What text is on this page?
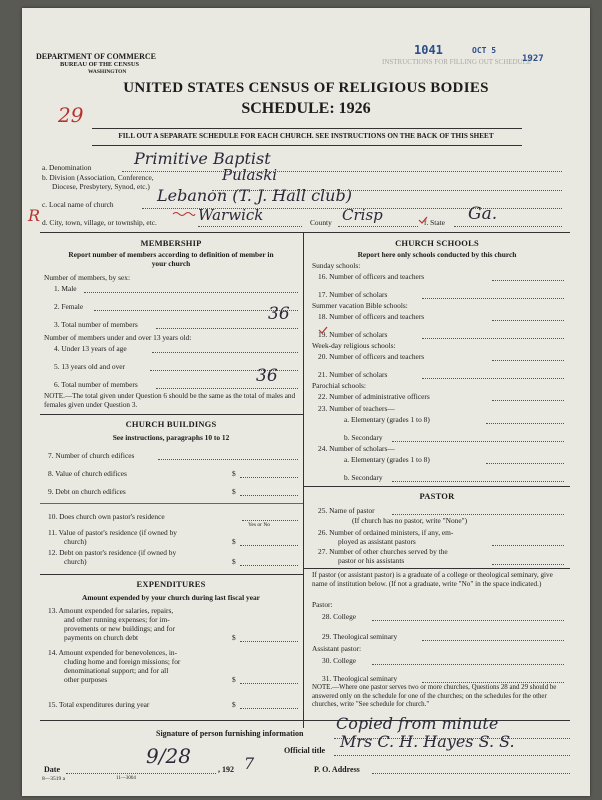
DEPARTMENT OF COMMERCE
BUREAU OF THE CENSUS
WASHINGTON
INSTRUCTIONS FOR FILLING OUT SCHEDULE
1041	OCT 5
1927
29
UNITED STATES CENSUS OF RELIGIOUS BODIES
SCHEDULE: 1926
FILL OUT A SEPARATE SCHEDULE FOR EACH CHURCH. SEE INSTRUCTIONS ON THE BACK OF THIS SHEET
a. Denomination	Primitive Baptist
b. Division (Association, Conference,
Diocese, Presbytery, Synod, etc.)
Pulaski
c. Local name of church	Lebanon (T. J. Hall club)
R d. City, town, village, or township, etc.	Warwick	County Crisp	f. State Ga.
MEMBERSHIP
Report number of members according to definition of member in your church
Number of members, by sex:
1. Male
2. Female
3. Total number of members
36
Number of members under and over 13 years old:
4. Under 13 years of age
5. 13 years old and over
6. Total number of members	36
NOTE.—The total given under Question 6 should be the same as the total of males and females given under Question 3.
CHURCH BUILDINGS
See instructions, paragraphs 10 to 12
7. Number of church edifices
8. Value of church edifices	$
9. Debt on church edifices	$
10. Does church own pastor's residence
Yes or No
11. Value of pastor's residence (if owned by
church)	$
12. Debt on pastor's residence (if owned by
church)	$
EXPENDITURES
Amount expended by your church during last fiscal year
13. Amount expended for salaries, repairs,
and other running expenses; for im-
provements or new buildings; and for
payments on church debt	$
14. Amount expended for benevolences, in-
cluding home and foreign missions; for
denominational support; and for all
other purposes	$
15. Total expenditures during year	$
CHURCH SCHOOLS
Report here only schools conducted by this church
Sunday schools:
16. Number of officers and teachers
17. Number of scholars
Summer vacation Bible schools:
18. Number of officers and teachers
19. Number of scholars
Week-day religious schools:
20. Number of officers and teachers
21. Number of scholars
Parochial schools:
22. Number of administrative officers
23. Number of teachers—
a. Elementary (grades 1 to 8)
b. Secondary
24. Number of scholars—
a. Elementary (grades 1 to 8)
b. Secondary
PASTOR
25. Name of pastor
(If church has no pastor, write "None")
26. Number of ordained ministers, if any, em-
ployed as assistant pastors
27. Number of other churches served by the
pastor or his assistants
If pastor (or assistant pastor) is a graduate of a college or theological seminary, give name of institution below. (If not a graduate, write "No" in the space indicated.)
Pastor:
28. College
29. Theological seminary
Assistant pastor:
30. College
31. Theological seminary
NOTE.—Where one pastor serves two or more churches, Questions 28 and 29 should be answered only on the schedule for one of the churches; on the schedules for the other churches, write "See schedule for church."
Signature of person furnishing information
Copied from minute
Official title Mrs C. H. Hayes S. S.
Date
9/28
, 192 7	P. O. Address
8—3519 a	11—3004
